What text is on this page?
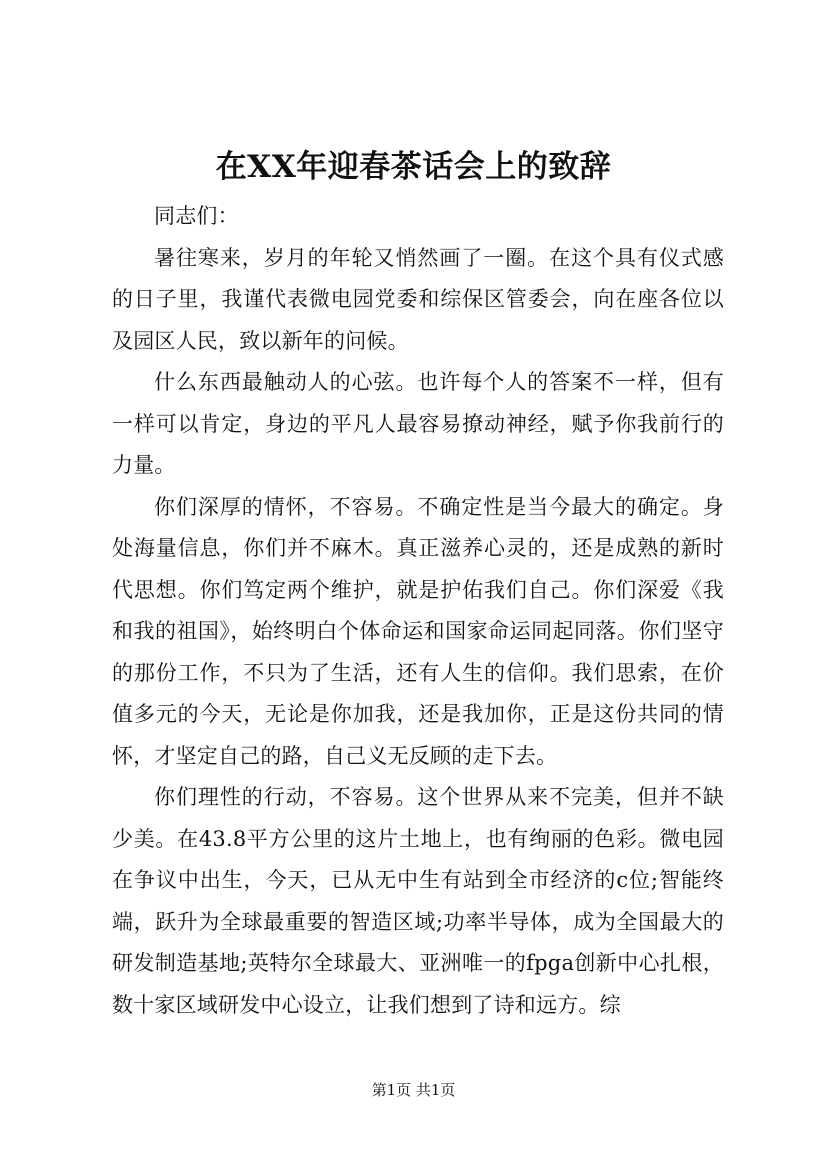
在XX年迎春茶话会上的致辞

同志们：

暑往寒来，岁月的年轮又悄然画了一圈。在这个具有仪式感的日子里，我谨代表微电园党委和综保区管委会，向在座各位以及园区人民，致以新年的问候。

什么东西最触动人的心弦。也许每个人的答案不一样，但有一样可以肯定，身边的平凡人最容易撩动神经，赋予你我前行的力量。

你们深厚的情怀，不容易。不确定性是当今最大的确定。身处海量信息，你们并不麻木。真正滋养心灵的，还是成熟的新时代思想。你们笃定两个维护，就是护佑我们自己。你们深爱《我和我的祖国》，始终明白个体命运和国家命运同起同落。你们坚守的那份工作，不只为了生活，还有人生的信仰。我们思索，在价值多元的今天，无论是你加我，还是我加你，正是这份共同的情怀，才坚定自己的路，自己义无反顾的走下去。

你们理性的行动，不容易。这个世界从来不完美，但并不缺少美。在43.8平方公里的这片土地上，也有绚丽的色彩。微电园在争议中出生，今天，已从无中生有站到全市经济的c位;智能终端，跃升为全球最重要的智造区域;功率半导体，成为全国最大的研发制造基地;英特尔全球最大、亚洲唯一的fpga创新中心扎根，数十家区域研发中心设立，让我们想到了诗和远方。综

第1页 共1页
